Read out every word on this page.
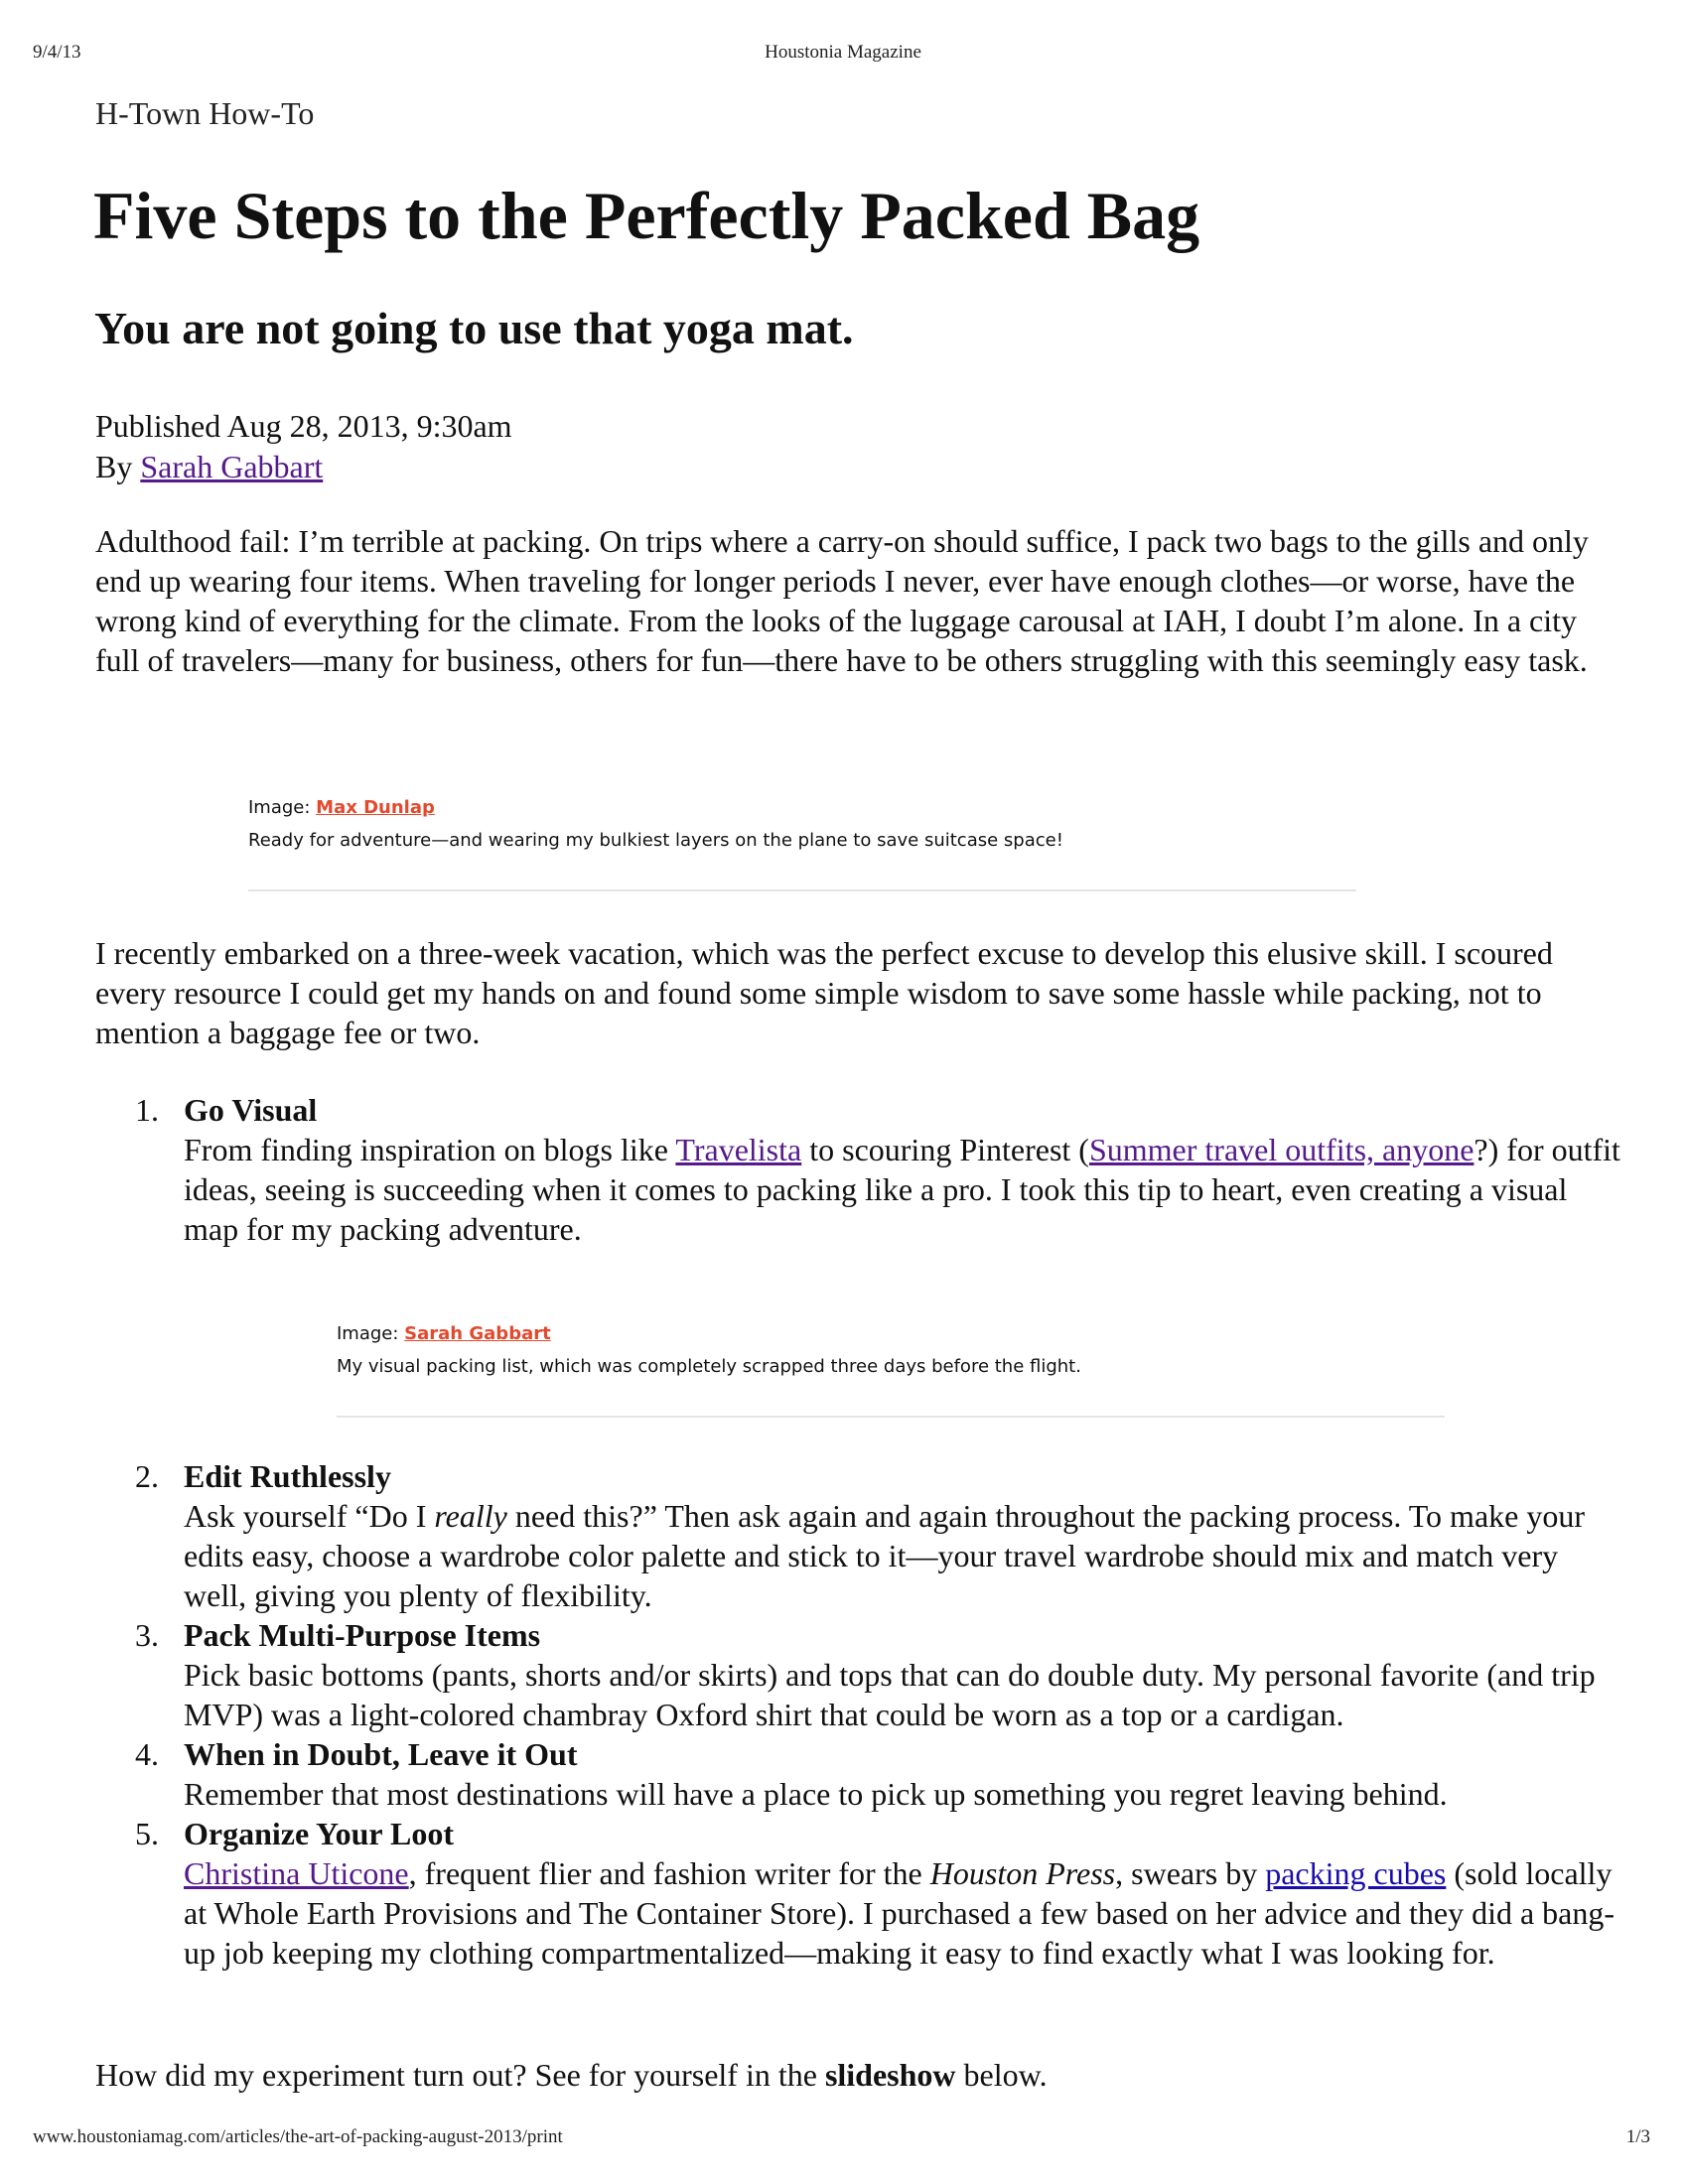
9/4/13	Houstonia Magazine
H-Town How-To
Five Steps to the Perfectly Packed Bag
You are not going to use that yoga mat.
Published Aug 28, 2013, 9:30am
By Sarah Gabbart

Adulthood fail: I’m terrible at packing. On trips where a carry-on should suffice, I pack two bags to the gills and only end up wearing four items. When traveling for longer periods I never, ever have enough clothes—or worse, have the wrong kind of everything for the climate. From the looks of the luggage carousal at IAH, I doubt I’m alone. In a city full of travelers—many for business, others for fun—there have to be others struggling with this seemingly easy task.

Image: Max Dunlap
Ready for adventure—and wearing my bulkiest layers on the plane to save suitcase space!

I recently embarked on a three-week vacation, which was the perfect excuse to develop this elusive skill. I scoured every resource I could get my hands on and found some simple wisdom to save some hassle while packing, not to mention a baggage fee or two.

1. Go Visual
From finding inspiration on blogs like Travelista to scouring Pinterest (Summer travel outfits, anyone?) for outfit ideas, seeing is succeeding when it comes to packing like a pro. I took this tip to heart, even creating a visual map for my packing adventure.
Image: Sarah Gabbart
My visual packing list, which was completely scrapped three days before the flight.
2. Edit Ruthlessly
Ask yourself “Do I really need this?” Then ask again and again throughout the packing process. To make your edits easy, choose a wardrobe color palette and stick to it—your travel wardrobe should mix and match very well, giving you plenty of flexibility.
3. Pack Multi-Purpose Items
Pick basic bottoms (pants, shorts and/or skirts) and tops that can do double duty. My personal favorite (and trip MVP) was a light-colored chambray Oxford shirt that could be worn as a top or a cardigan.
4. When in Doubt, Leave it Out
Remember that most destinations will have a place to pick up something you regret leaving behind.
5. Organize Your Loot
Christina Uticone, frequent flier and fashion writer for the Houston Press, swears by packing cubes (sold locally at Whole Earth Provisions and The Container Store). I purchased a few based on her advice and they did a bang-up job keeping my clothing compartmentalized—making it easy to find exactly what I was looking for.

How did my experiment turn out? See for yourself in the slideshow below.

www.houstoniamag.com/articles/the-art-of-packing-august-2013/print	1/3
